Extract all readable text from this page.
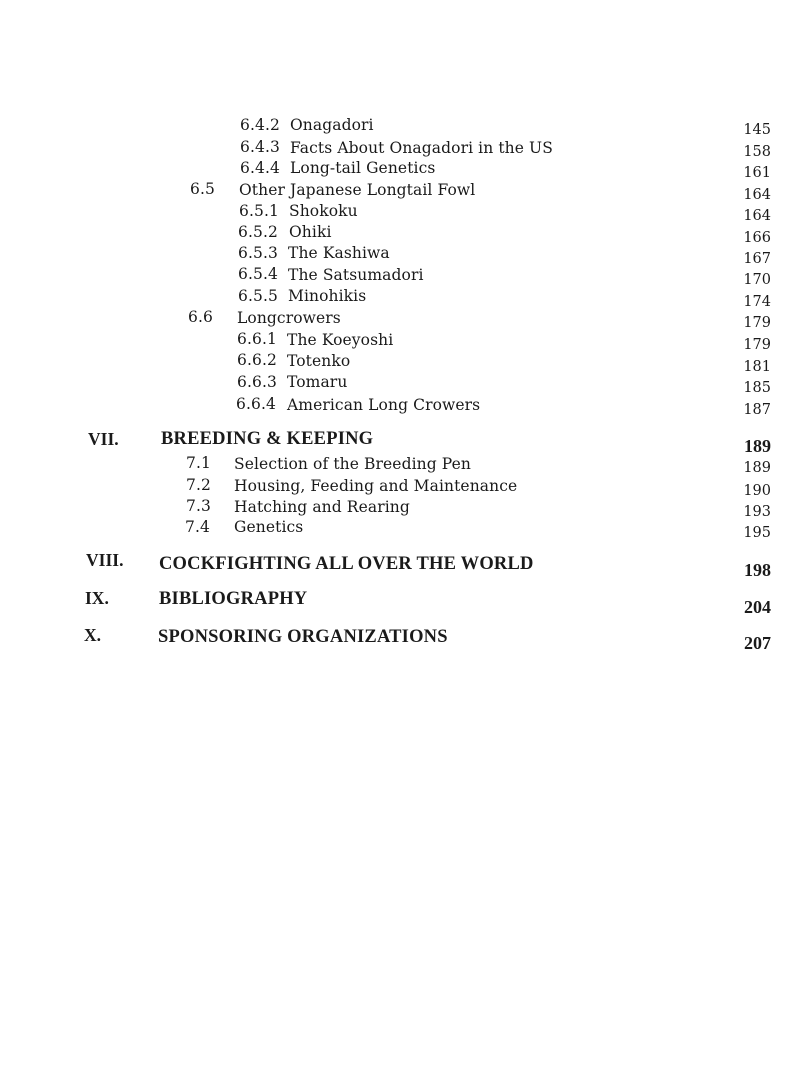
6.4.2 Onagadori	145
6.4.3 Facts About Onagadori in the US	158
6.4.4 Long-tail Genetics	161
6.5 Other Japanese Longtail Fowl	164
6.5.1 Shokoku	164
6.5.2 Ohiki	166
6.5.3 The Kashiwa	167
6.5.4 The Satsumadori	170
6.5.5 Minohikis	174
6.6 Longcrowers	179
6.6.1 The Koeyoshi	179
6.6.2 Totenko	181
6.6.3 Tomaru	185
6.6.4 American Long Crowers	187
VII. BREEDING & KEEPING	189
7.1 Selection of the Breeding Pen	189
7.2 Housing, Feeding and Maintenance	190
7.3 Hatching and Rearing	193
7.4 Genetics	195
VIII. COCKFIGHTING ALL OVER THE WORLD	198
IX.	BIBLIOGRAPHY	204
X.	SPONSORING ORGANIZATIONS	207
